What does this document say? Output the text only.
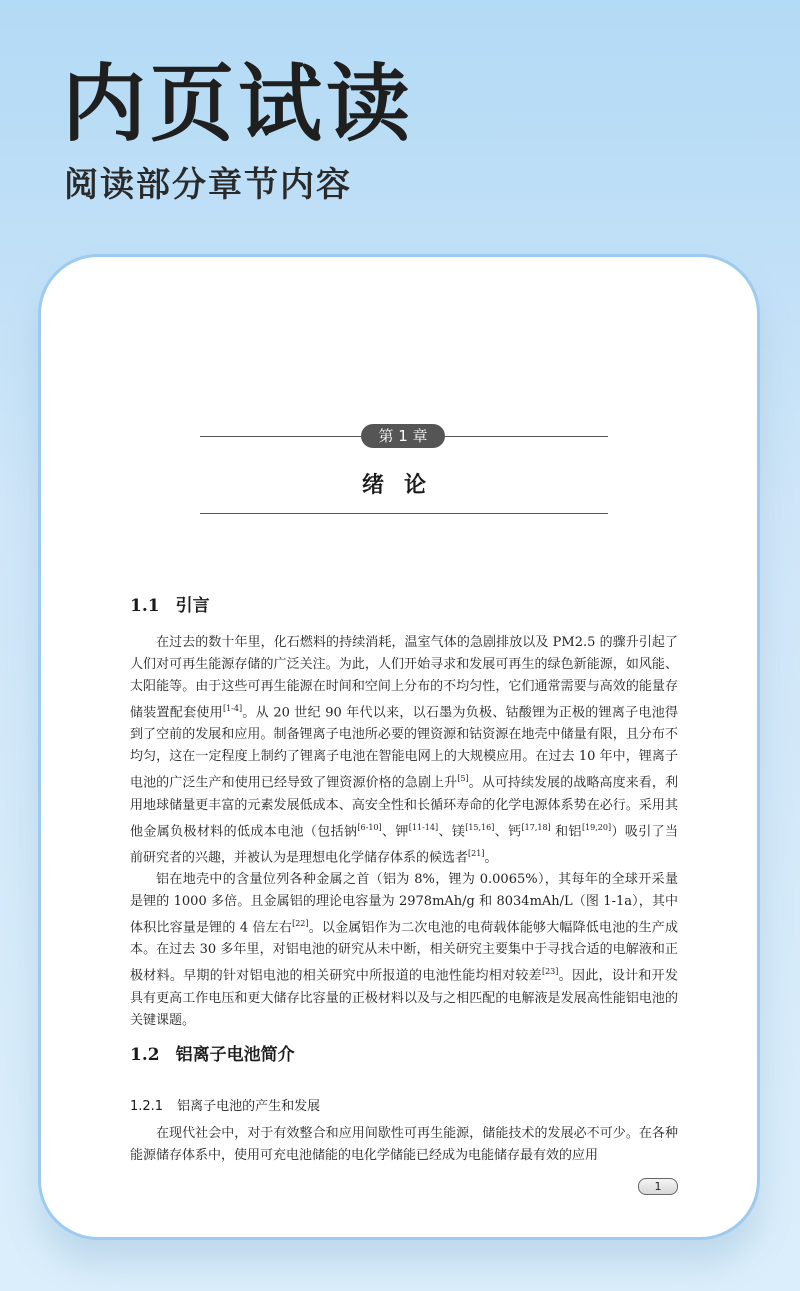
内页试读
阅读部分章节内容
第 1 章
绪论
1.1 引言

在过去的数十年里，化石燃料的持续消耗，温室气体的急剧排放以及 PM2.5 的骤升引起了人们对可再生能源存储的广泛关注。为此，人们开始寻求和发展可再生的绿色新能源，如风能、太阳能等。由于这些可再生能源在时间和空间上分布的不均匀性，它们通常需要与高效的能量存储装置配套使用[1-4]。从 20 世纪 90 年代以来，以石墨为负极、钴酸锂为正极的锂离子电池得到了空前的发展和应用。制备锂离子电池所必要的锂资源和钴资源在地壳中储量有限，且分布不均匀，这在一定程度上制约了锂离子电池在智能电网上的大规模应用。在过去 10 年中，锂离子电池的广泛生产和使用已经导致了锂资源价格的急剧上升[5]。从可持续发展的战略高度来看，利用地球储量更丰富的元素发展低成本、高安全性和长循环寿命的化学电源体系势在必行。采用其他金属负极材料的低成本电池（包括钠[6-10]、钾[11-14]、镁[15,16]、钙[17,18] 和铝[19,20]）吸引了当前研究者的兴趣，并被认为是理想电化学储存体系的候选者[21]。

铝在地壳中的含量位列各种金属之首（铝为 8%，锂为 0.0065%），其每年的全球开采量是锂的 1000 多倍。且金属铝的理论电容量为 2978mAh/g 和 8034mAh/L（图 1-1a），其中体积比容量是锂的 4 倍左右[22]。以金属铝作为二次电池的电荷载体能够大幅降低电池的生产成本。在过去 30 多年里，对铝电池的研究从未中断，相关研究主要集中于寻找合适的电解液和正极材料。早期的针对铝电池的相关研究中所报道的电池性能均相对较差[23]。因此，设计和开发具有更高工作电压和更大储存比容量的正极材料以及与之相匹配的电解液是发展高性能铝电池的关键课题。

1.2 铝离子电池简介
1.2.1 铝离子电池的产生和发展

在现代社会中，对于有效整合和应用间歇性可再生能源，储能技术的发展必不可少。在各种能源储存体系中，使用可充电池储能的电化学储能已经成为电能储存最有效的应用

1
